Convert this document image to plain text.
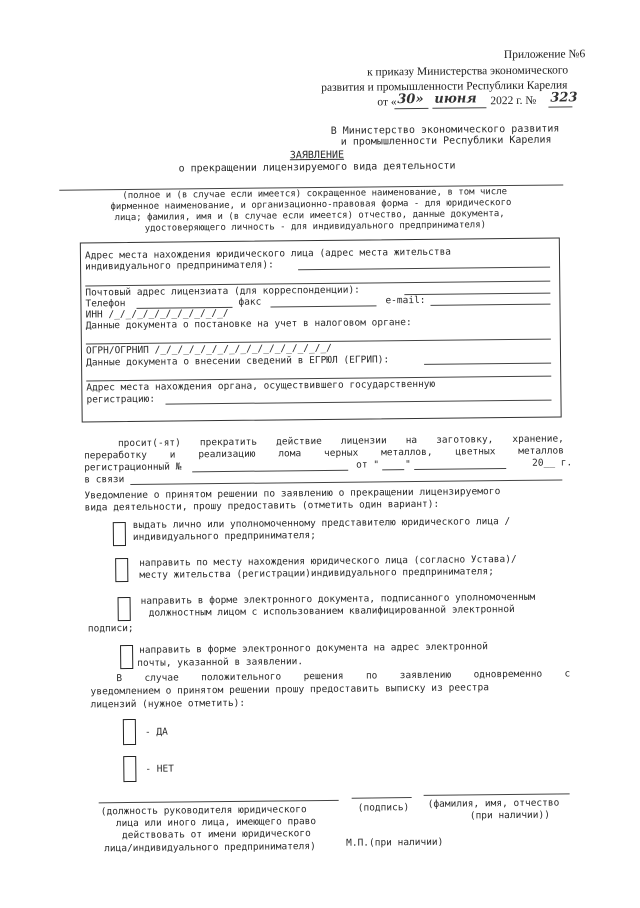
Приложение №6
к приказу Министерства экономического
развития и промышленности Республики Карелия
от « 30» июня 2022 г. № 323
В Министерство экономического развития
и промышленности Республики Карелия
ЗАЯВЛЕНИЕ
о прекращении лицензируемого вида деятельности
(полное и (в случае если имеется) сокращенное наименование, в том числе
фирменное наименование, и организационно-правовая форма - для юридического
лица; фамилия, имя и (в случае если имеется) отчество, данные документа,
удостоверяющего личность - для индивидуального предпринимателя)
Адрес места нахождения юридического лица (адрес места жительства
индивидуального предпринимателя):
Почтовый адрес лицензиата (для корреспонденции):
Телефон	факс	e-mail:
ИНН /_/_/_/_/_/_/_/_/_/_/
Данные документа о постановке на учет в налоговом органе:
ОГРН/ОГРНИП /_/_/_/_/_/_/_/_/_/_/_/_/_/_/_/
Данные документа о внесении сведений в ЕГРЮЛ (ЕГРИП):
Адрес места нахождения органа, осуществившего государственную
регистрацию:
просит(-ят) прекратить действие лицензии на заготовку, хранение,
переработку и реализацию лома черных металлов, цветных металлов
регистрационный №	от "	"	20__ г.
в связи
Уведомление о принятом решении по заявлению о прекращении лицензируемого
вида деятельности, прошу предоставить (отметить один вариант):
выдать лично или уполномоченному представителю юридического лица /
индивидуального предпринимателя;
направить по месту нахождения юридического лица (согласно Устава)/
месту жительства (регистрации)индивидуального предпринимателя;
направить в форме электронного документа, подписанного уполномоченным
должностным лицом с использованием квалифицированной электронной
подписи;
направить в форме электронного документа на адрес электронной
почты, указанной в заявлении.
В случае положительного решения по заявлению одновременно с
уведомлением о принятом решении прошу предоставить выписку из реестра
лицензий (нужное отметить):
- ДА
- НЕТ
(должность руководителя юридического
лица или иного лица, имеющего право
действовать от имени юридического
лица/индивидуального предпринимателя)	М.П.(при наличии)
(подпись) (фамилия, имя, отчество
(при наличии))
